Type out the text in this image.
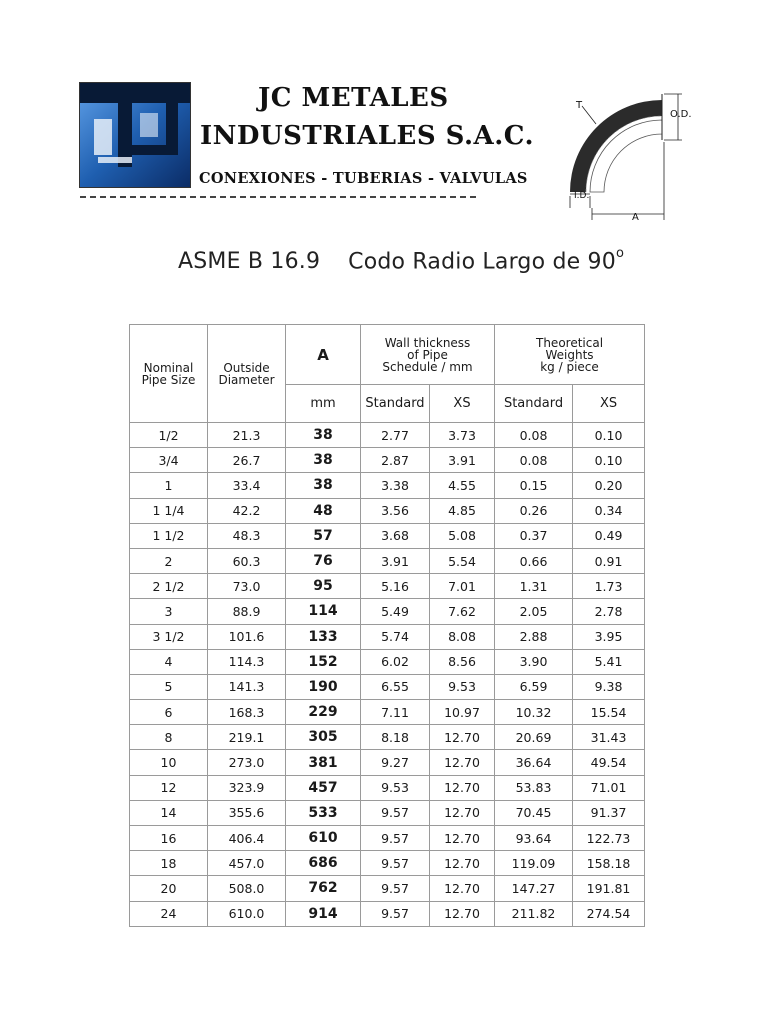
JC METALES
INDUSTRIALES S.A.C.
CONEXIONES - TUBERIAS - VALVULAS
O.D.
T
I.D.
A
ASME B 16.9 Codo Radio Largo de 90$^o$
Nominal
Pipe Size	Outside
Diameter	A	Wall thickness
of Pipe
Schedule / mm		Theoretical
Weights
kg / piece	

		mm	Standard	XS	Standard	XS
1/2	21.3	38	2.77	3.73	0.08	0.10
3/4	26.7	38	2.87	3.91	0.08	0.10
1	33.4	38	3.38	4.55	0.15	0.20
1 1/4	42.2	48	3.56	4.85	0.26	0.34
1 1/2	48.3	57	3.68	5.08	0.37	0.49
2	60.3	76	3.91	5.54	0.66	0.91
2 1/2	73.0	95	5.16	7.01	1.31	1.73
3	88.9	114	5.49	7.62	2.05	2.78
3 1/2	101.6	133	5.74	8.08	2.88	3.95
4	114.3	152	6.02	8.56	3.90	5.41
5	141.3	190	6.55	9.53	6.59	9.38
6	168.3	229	7.11	10.97	10.32	15.54
8	219.1	305	8.18	12.70	20.69	31.43
10	273.0	381	9.27	12.70	36.64	49.54
12	323.9	457	9.53	12.70	53.83	71.01
14	355.6	533	9.57	12.70	70.45	91.37
16	406.4	610	9.57	12.70	93.64	122.73
18	457.0	686	9.57	12.70	119.09	158.18
20	508.0	762	9.57	12.70	147.27	191.81
24	610.0	914	9.57	12.70	211.82	274.54
